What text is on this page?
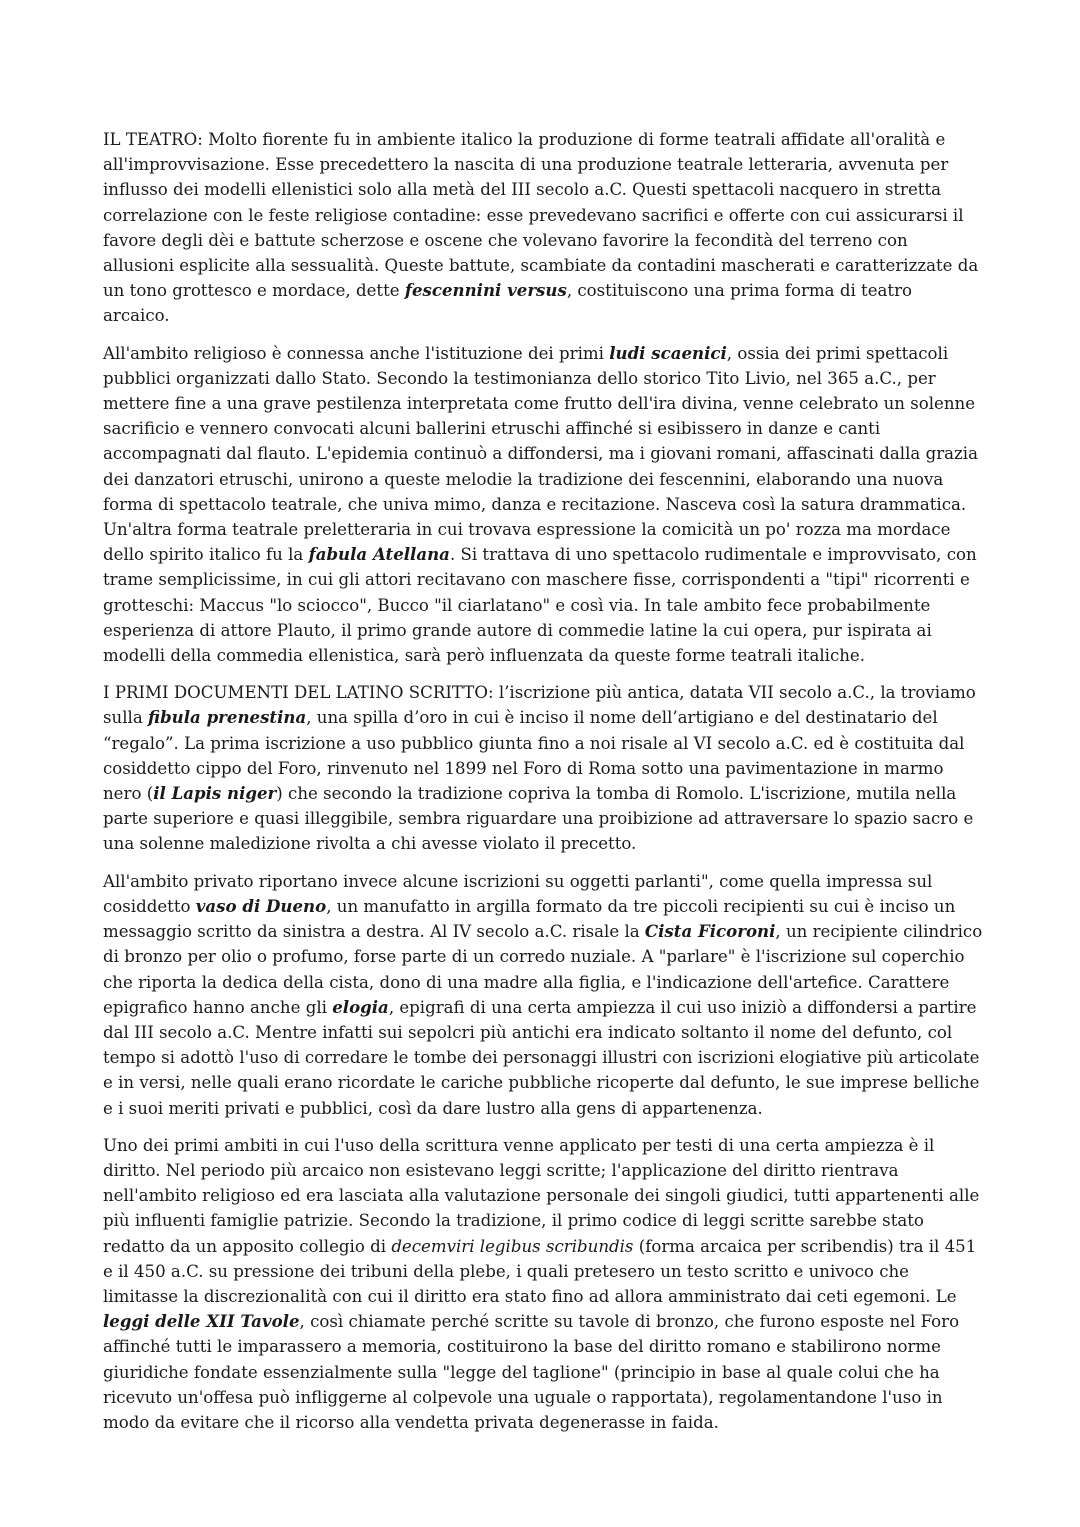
IL TEATRO: Molto fiorente fu in ambiente italico la produzione di forme teatrali affidate all'oralità e all'improvvisazione. Esse precedettero la nascita di una produzione teatrale letteraria, avvenuta per influsso dei modelli ellenistici solo alla metà del III secolo a.C. Questi spettacoli nacquero in stretta correlazione con le feste religiose contadine: esse prevedevano sacrifici e offerte con cui assicurarsi il favore degli dèi e battute scherzose e oscene che volevano favorire la fecondità del terreno con allusioni esplicite alla sessualità. Queste battute, scambiate da contadini mascherati e caratterizzate da un tono grottesco e mordace, dette fescennini versus, costituiscono una prima forma di teatro arcaico.

All'ambito religioso è connessa anche l'istituzione dei primi ludi scaenici, ossia dei primi spettacoli pubblici organizzati dallo Stato. Secondo la testimonianza dello storico Tito Livio, nel 365 a.C., per mettere fine a una grave pestilenza interpretata come frutto dell'ira divina, venne celebrato un solenne sacrificio e vennero convocati alcuni ballerini etruschi affinché si esibissero in danze e canti accompagnati dal flauto. L'epidemia continuò a diffondersi, ma i giovani romani, affascinati dalla grazia dei danzatori etruschi, unirono a queste melodie la tradizione dei fescennini, elaborando una nuova forma di spettacolo teatrale, che univa mimo, danza e recitazione. Nasceva così la satura drammatica. Un'altra forma teatrale preletteraria in cui trovava espressione la comicità un po' rozza ma mordace dello spirito italico fu la fabula Atellana. Si trattava di uno spettacolo rudimentale e improvvisato, con trame semplicissime, in cui gli attori recitavano con maschere fisse, corrispondenti a "tipi" ricorrenti e grotteschi: Maccus "lo sciocco", Bucco "il ciarlatano" e così via. In tale ambito fece probabilmente esperienza di attore Plauto, il primo grande autore di commedie latine la cui opera, pur ispirata ai modelli della commedia ellenistica, sarà però influenzata da queste forme teatrali italiche.

I PRIMI DOCUMENTI DEL LATINO SCRITTO: l’iscrizione più antica, datata VII secolo a.C., la troviamo sulla fibula prenestina, una spilla d’oro in cui è inciso il nome dell’artigiano e del destinatario del “regalo”. La prima iscrizione a uso pubblico giunta fino a noi risale al VI secolo a.C. ed è costituita dal cosiddetto cippo del Foro, rinvenuto nel 1899 nel Foro di Roma sotto una pavimentazione in marmo nero (il Lapis niger) che secondo la tradizione copriva la tomba di Romolo. L'iscrizione, mutila nella parte superiore e quasi illeggibile, sembra riguardare una proibizione ad attraversare lo spazio sacro e una solenne maledizione rivolta a chi avesse violato il precetto.

All'ambito privato riportano invece alcune iscrizioni su oggetti parlanti", come quella impressa sul cosiddetto vaso di Dueno, un manufatto in argilla formato da tre piccoli recipienti su cui è inciso un messaggio scritto da sinistra a destra. Al IV secolo a.C. risale la Cista Ficoroni, un recipiente cilindrico di bronzo per olio o profumo, forse parte di un corredo nuziale. A "parlare" è l'iscrizione sul coperchio che riporta la dedica della cista, dono di una madre alla figlia, e l'indicazione dell'artefice. Carattere epigrafico hanno anche gli elogia, epigrafi di una certa ampiezza il cui uso iniziò a diffondersi a partire dal III secolo a.C. Mentre infatti sui sepolcri più antichi era indicato soltanto il nome del defunto, col tempo si adottò l'uso di corredare le tombe dei personaggi illustri con iscrizioni elogiative più articolate e in versi, nelle quali erano ricordate le cariche pubbliche ricoperte dal defunto, le sue imprese belliche e i suoi meriti privati e pubblici, così da dare lustro alla gens di appartenenza.

Uno dei primi ambiti in cui l'uso della scrittura venne applicato per testi di una certa ampiezza è il diritto. Nel periodo più arcaico non esistevano leggi scritte; l'applicazione del diritto rientrava nell'ambito religioso ed era lasciata alla valutazione personale dei singoli giudici, tutti appartenenti alle più influenti famiglie patrizie. Secondo la tradizione, il primo codice di leggi scritte sarebbe stato redatto da un apposito collegio di decemviri legibus scribundis (forma arcaica per scribendis) tra il 451 e il 450 a.C. su pressione dei tribuni della plebe, i quali pretesero un testo scritto e univoco che limitasse la discrezionalità con cui il diritto era stato fino ad allora amministrato dai ceti egemoni. Le leggi delle XII Tavole, così chiamate perché scritte su tavole di bronzo, che furono esposte nel Foro affinché tutti le imparassero a memoria, costituirono la base del diritto romano e stabilirono norme giuridiche fondate essenzialmente sulla "legge del taglione" (principio in base al quale colui che ha ricevuto un'offesa può infliggerne al colpevole una uguale o rapportata), regolamentandone l'uso in modo da evitare che il ricorso alla vendetta privata degenerasse in faida.
